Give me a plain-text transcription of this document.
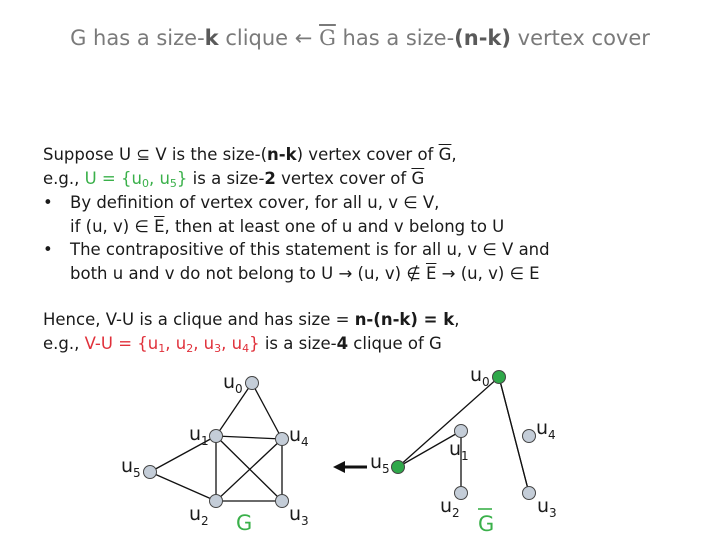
G has a size-k clique ← $\overline{G}$ has a size-(n-k) vertex cover
Suppose U ⊆ V is the size-(n-k) vertex cover of $\overline{G}$,
e.g., $U = \{u_0$, $u_5$} is a size-2 vertex cover of $\overline{G}$
• By definition of vertex cover, for all u, v ∈ V,
if (u, v) ∈ $\overline{E}$, then at least one of u and v belong to U
• The contrapositive of this statement is for all u, v ∈ V and
both u and v do not belong to U → (u, v) ∉ $\overline{E} \to (u$, v) ∈ E
Hence, V-U is a clique and has size = n-(n-k) = k,
e.g., $V-U = \{u_1$, $u_2$, $u_3$, $u_4$} is a size-4 clique of G
$u_0$
$u_1$	$u_4$
$u_5$
$u_2$	$u_3$
G
$u_0$
$u_1$
$u_4$
$u_5$
$u_2$	$u_3$
G
